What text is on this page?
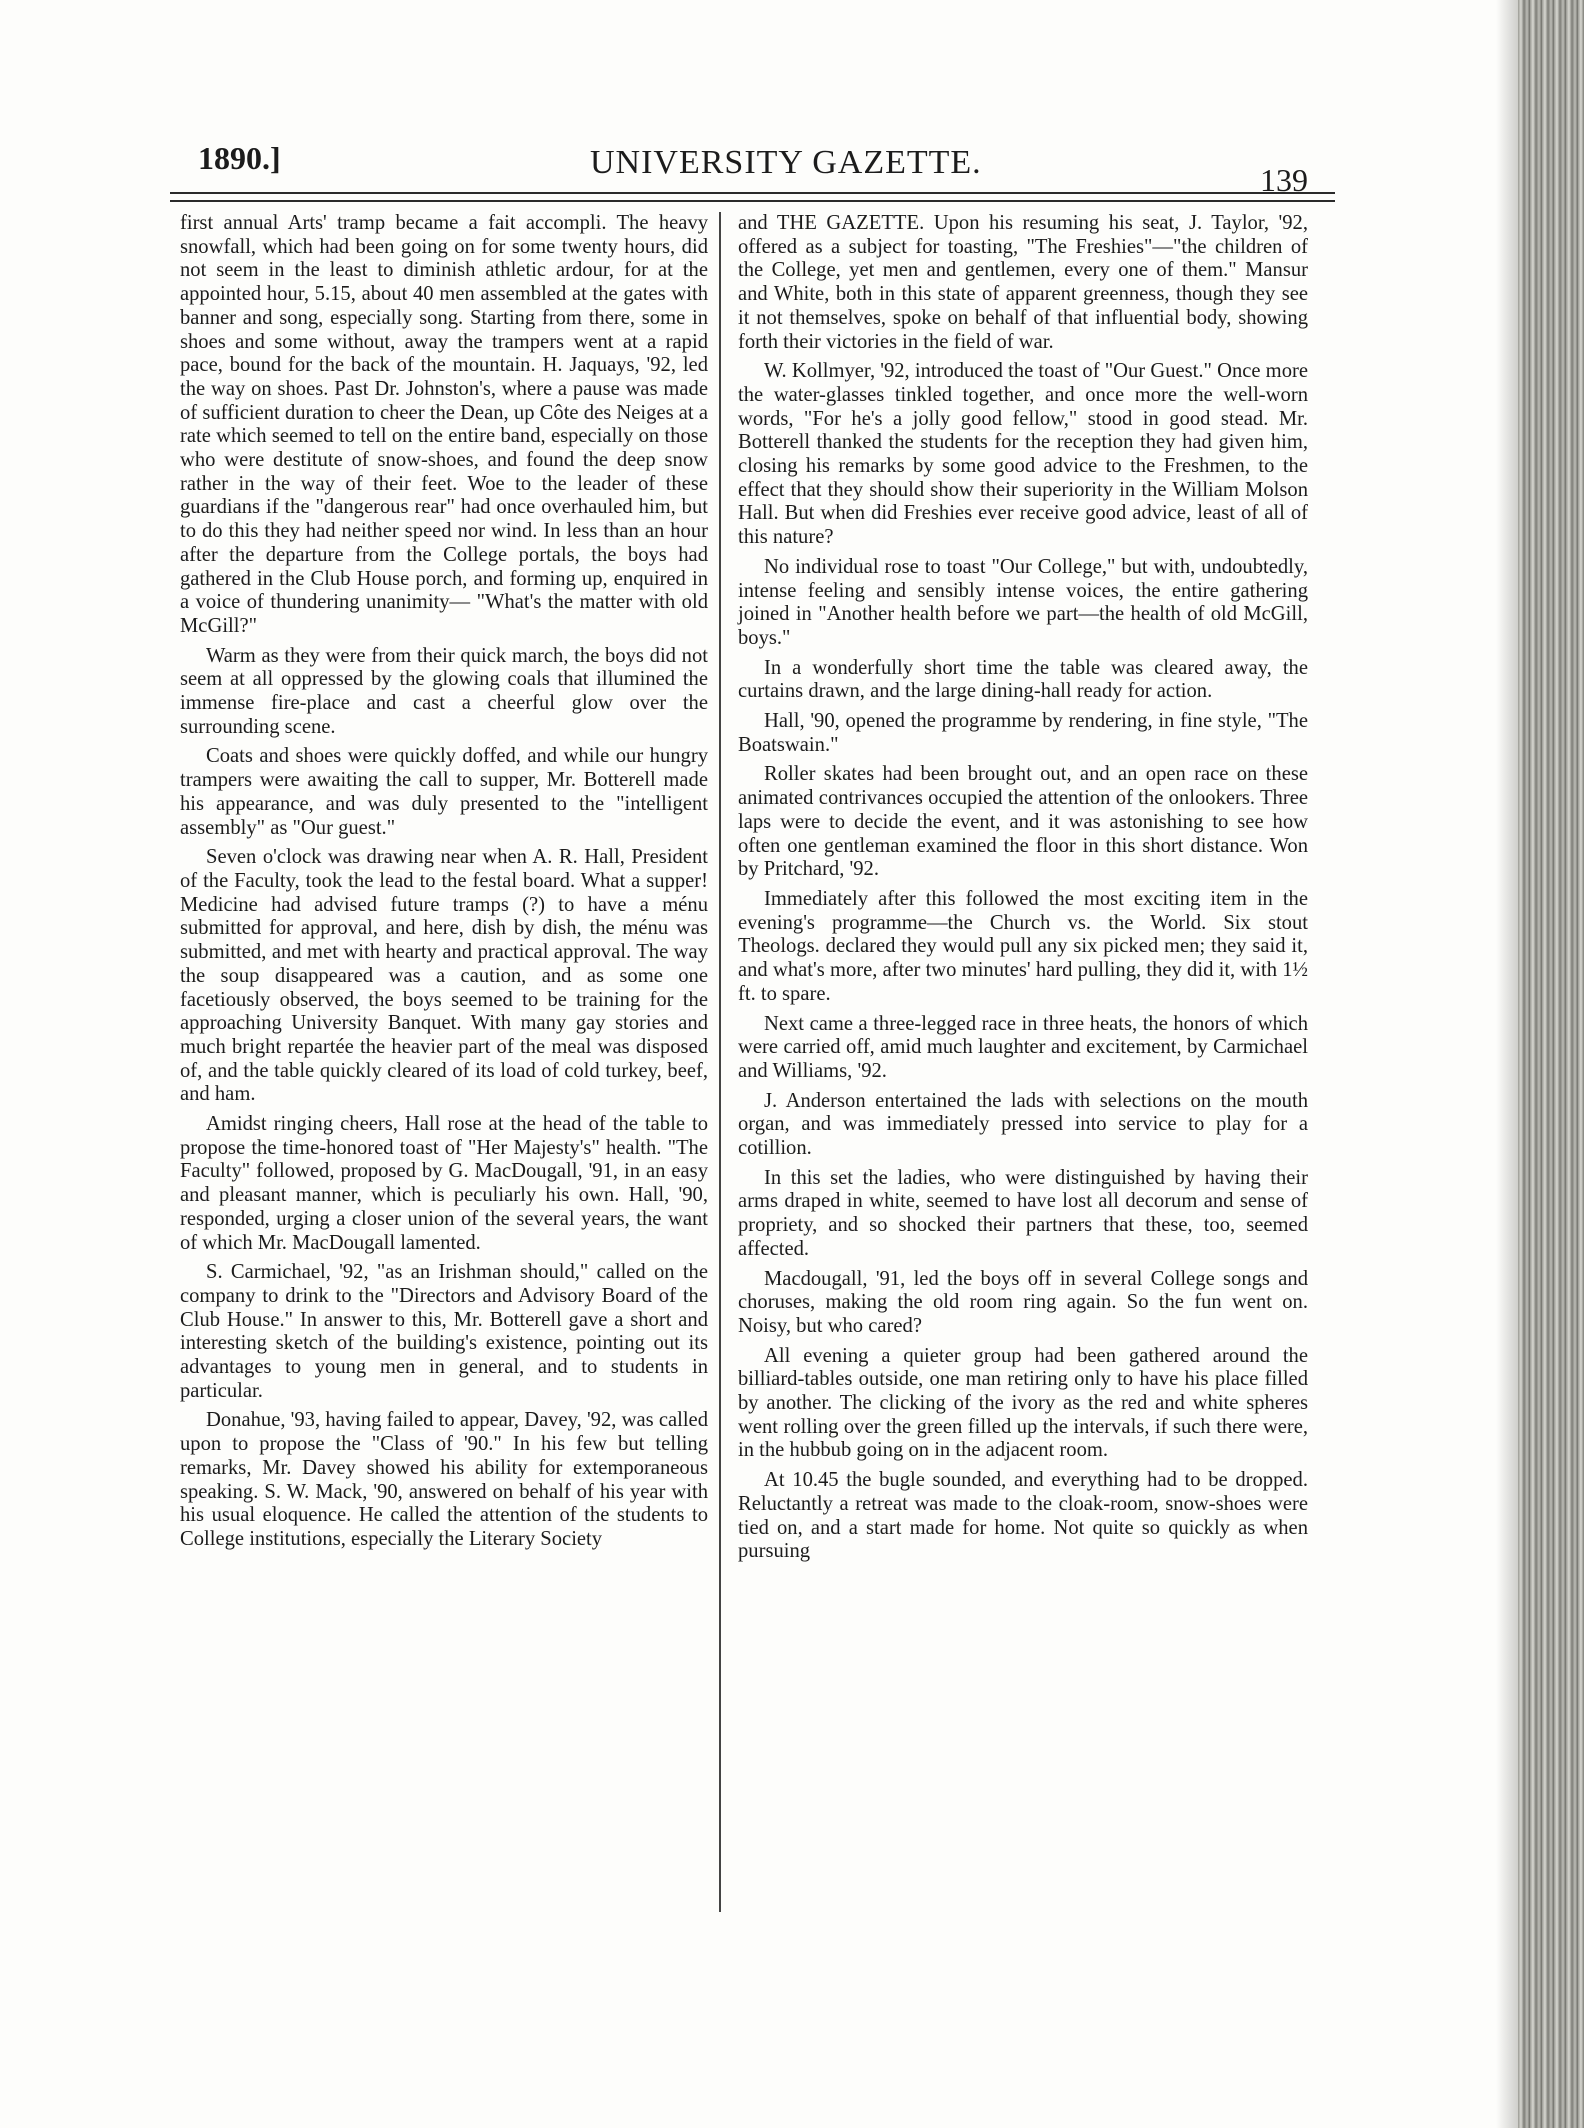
1890.]	UNIVERSITY GAZETTE.	139

first annual Arts' tramp became a fait accompli. The heavy snowfall, which had been going on for some twenty hours, did not seem in the least to diminish athletic ardour, for at the appointed hour, 5.15, about 40 men assembled at the gates with banner and song, especially song. Starting from there, some in shoes and some without, away the trampers went at a rapid pace, bound for the back of the mountain. H. Jaquays, '92, led the way on shoes. Past Dr. Johnston's, where a pause was made of sufficient duration to cheer the Dean, up Côte des Neiges at a rate which seemed to tell on the entire band, especially on those who were destitute of snow-shoes, and found the deep snow rather in the way of their feet. Woe to the leader of these guardians if the "dangerous rear" had once overhauled him, but to do this they had neither speed nor wind. In less than an hour after the departure from the College portals, the boys had gathered in the Club House porch, and forming up, enquired in a voice of thundering unanimity— "What's the matter with old McGill?"

Warm as they were from their quick march, the boys did not seem at all oppressed by the glowing coals that illumined the immense fire-place and cast a cheerful glow over the surrounding scene.

Coats and shoes were quickly doffed, and while our hungry trampers were awaiting the call to supper, Mr. Botterell made his appearance, and was duly presented to the "intelligent assembly" as "Our guest."

Seven o'clock was drawing near when A. R. Hall, President of the Faculty, took the lead to the festal board. What a supper! Medicine had advised future tramps (?) to have a ménu submitted for approval, and here, dish by dish, the ménu was submitted, and met with hearty and practical approval. The way the soup disappeared was a caution, and as some one facetiously observed, the boys seemed to be training for the approaching University Banquet. With many gay stories and much bright repartée the heavier part of the meal was disposed of, and the table quickly cleared of its load of cold turkey, beef, and ham.

Amidst ringing cheers, Hall rose at the head of the table to propose the time-honored toast of "Her Majesty's" health. "The Faculty" followed, proposed by G. MacDougall, '91, in an easy and pleasant manner, which is peculiarly his own. Hall, '90, responded, urging a closer union of the several years, the want of which Mr. MacDougall lamented.

S. Carmichael, '92, "as an Irishman should," called on the company to drink to the "Directors and Advisory Board of the Club House." In answer to this, Mr. Botterell gave a short and interesting sketch of the building's existence, pointing out its advantages to young men in general, and to students in particular.

Donahue, '93, having failed to appear, Davey, '92, was called upon to propose the "Class of '90." In his few but telling remarks, Mr. Davey showed his ability for extemporaneous speaking. S. W. Mack, '90, answered on behalf of his year with his usual eloquence. He called the attention of the students to College institutions, especially the Literary Society

and THE GAZETTE. Upon his resuming his seat, J. Taylor, '92, offered as a subject for toasting, "The Freshies"—"the children of the College, yet men and gentlemen, every one of them." Mansur and White, both in this state of apparent greenness, though they see it not themselves, spoke on behalf of that influential body, showing forth their victories in the field of war.

W. Kollmyer, '92, introduced the toast of "Our Guest." Once more the water-glasses tinkled together, and once more the well-worn words, "For he's a jolly good fellow," stood in good stead. Mr. Botterell thanked the students for the reception they had given him, closing his remarks by some good advice to the Freshmen, to the effect that they should show their superiority in the William Molson Hall. But when did Freshies ever receive good advice, least of all of this nature?

No individual rose to toast "Our College," but with, undoubtedly, intense feeling and sensibly intense voices, the entire gathering joined in "Another health before we part—the health of old McGill, boys."

In a wonderfully short time the table was cleared away, the curtains drawn, and the large dining-hall ready for action.

Hall, '90, opened the programme by rendering, in fine style, "The Boatswain."

Roller skates had been brought out, and an open race on these animated contrivances occupied the attention of the onlookers. Three laps were to decide the event, and it was astonishing to see how often one gentleman examined the floor in this short distance. Won by Pritchard, '92.

Immediately after this followed the most exciting item in the evening's programme—the Church vs. the World. Six stout Theologs. declared they would pull any six picked men; they said it, and what's more, after two minutes' hard pulling, they did it, with 1½ ft. to spare.

Next came a three-legged race in three heats, the honors of which were carried off, amid much laughter and excitement, by Carmichael and Williams, '92.

J. Anderson entertained the lads with selections on the mouth organ, and was immediately pressed into service to play for a cotillion.

In this set the ladies, who were distinguished by having their arms draped in white, seemed to have lost all decorum and sense of propriety, and so shocked their partners that these, too, seemed affected.

Macdougall, '91, led the boys off in several College songs and choruses, making the old room ring again. So the fun went on. Noisy, but who cared?

All evening a quieter group had been gathered around the billiard-tables outside, one man retiring only to have his place filled by another. The clicking of the ivory as the red and white spheres went rolling over the green filled up the intervals, if such there were, in the hubbub going on in the adjacent room.

At 10.45 the bugle sounded, and everything had to be dropped. Reluctantly a retreat was made to the cloak-room, snow-shoes were tied on, and a start made for home. Not quite so quickly as when pursuing
